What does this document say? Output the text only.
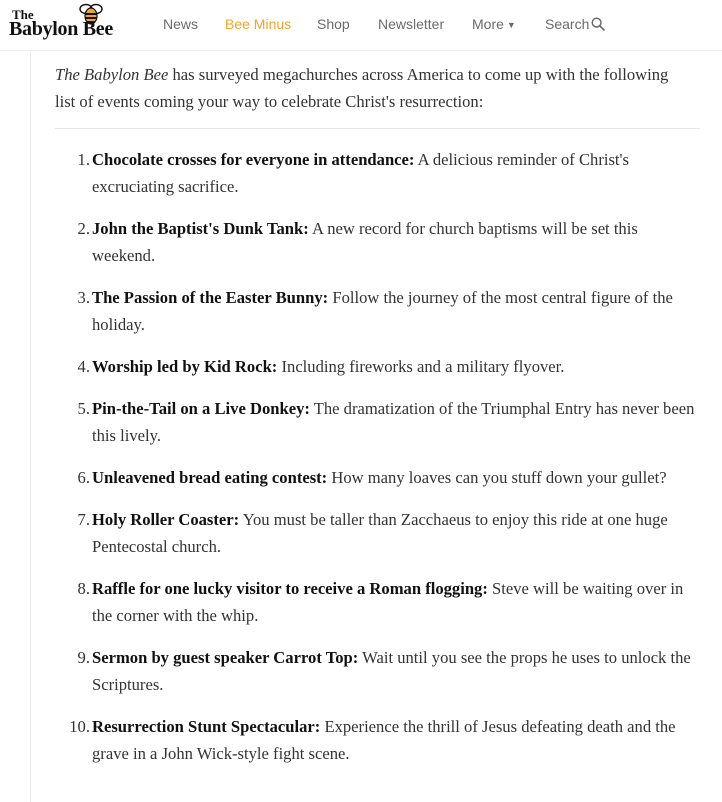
The
Babylon Bee	News Bee Minus Shop Newsletter More ▼ Search

The Babylon Bee has surveyed megachurches across America to come up with the following list of events coming your way to celebrate Christ's resurrection:

1. Chocolate crosses for everyone in attendance: A delicious reminder of Christ's excruciating sacrifice.
2. John the Baptist's Dunk Tank: A new record for church baptisms will be set this weekend.
3. The Passion of the Easter Bunny: Follow the journey of the most central figure of the holiday.
4. Worship led by Kid Rock: Including fireworks and a military flyover.
5. Pin-the-Tail on a Live Donkey: The dramatization of the Triumphal Entry has never been this lively.
6. Unleavened bread eating contest: How many loaves can you stuff down your gullet?
7. Holy Roller Coaster: You must be taller than Zacchaeus to enjoy this ride at one huge Pentecostal church.
8. Raffle for one lucky visitor to receive a Roman flogging: Steve will be waiting over in the corner with the whip.
9. Sermon by guest speaker Carrot Top: Wait until you see the props he uses to unlock the Scriptures.
10. Resurrection Stunt Spectacular: Experience the thrill of Jesus defeating death and the grave in a John Wick-style fight scene.
